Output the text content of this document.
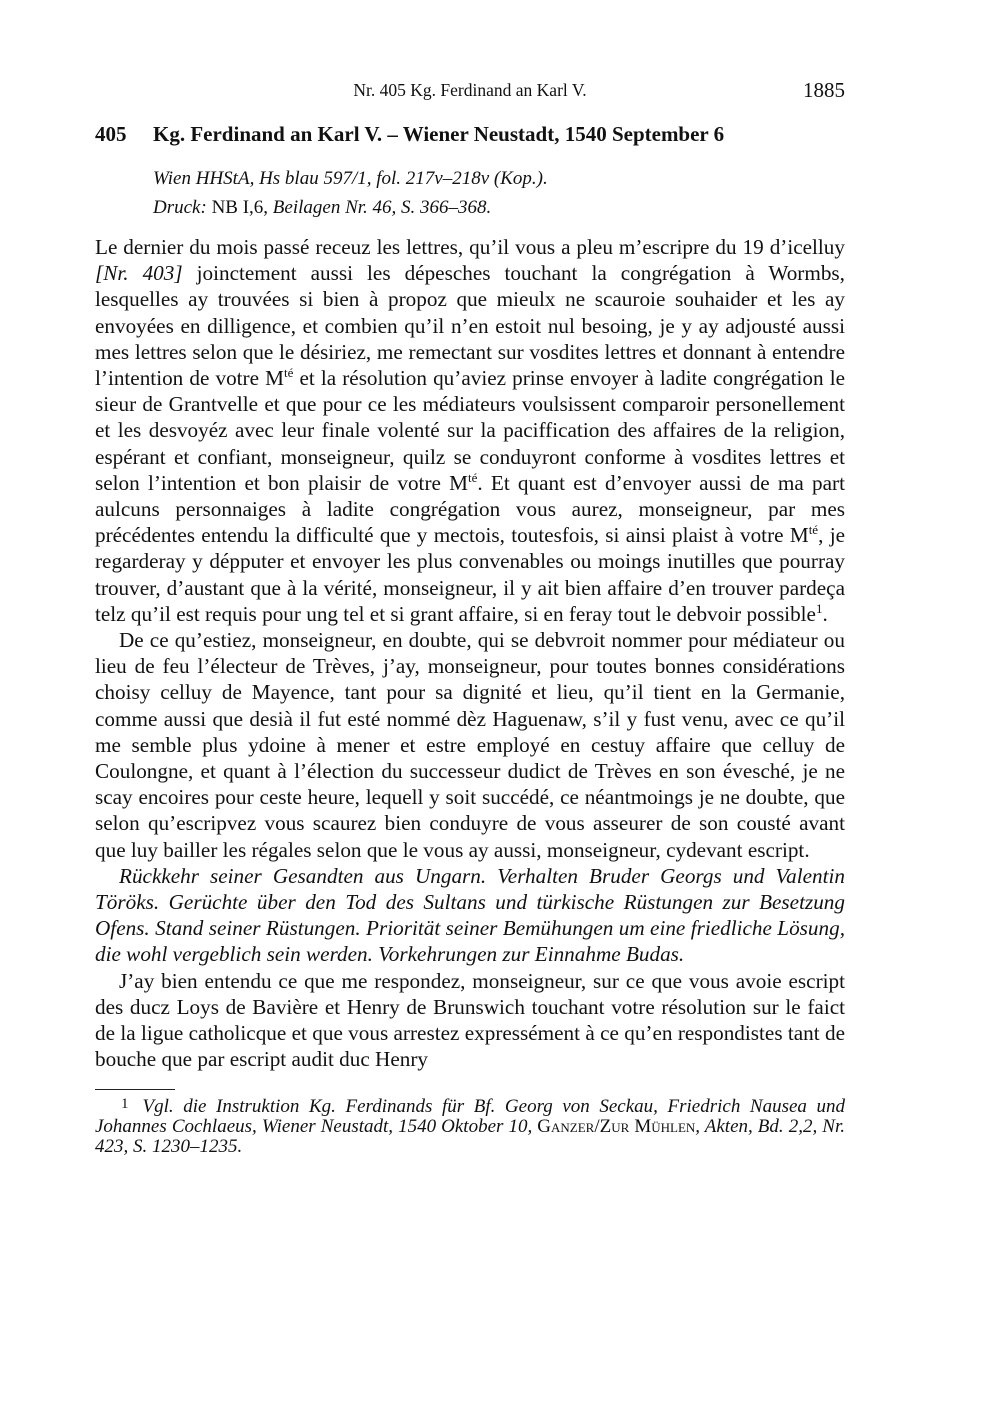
Nr. 405 Kg. Ferdinand an Karl V.	1885
405 Kg. Ferdinand an Karl V. – Wiener Neustadt, 1540 September 6
Wien HHStA, Hs blau 597/1, fol. 217v–218v (Kop.).
Druck: NB I,6, Beilagen Nr. 46, S. 366–368.

Le dernier du mois passé receuz les lettres, qu’il vous a pleu m’escripre du 19 d’icelluy [Nr. 403] joinctement aussi les dépesches touchant la congrégation à Wormbs, lesquelles ay trouvées si bien à propoz que mieulx ne scauroie souhaider et les ay envoyées en dilligence, et combien qu’il n’en estoit nul besoing, je y ay adjousté aussi mes lettres selon que le désiriez, me remectant sur vosdites lettres et donnant à entendre l’intention de votre $M^{té}$ et la résolution qu’aviez prinse envoyer à ladite congrégation le sieur de Grantvelle et que pour ce les médiateurs voulsissent comparoir personellement et les desvoyéz avec leur finale volenté sur la paciffication des affaires de la religion, espérant et confiant, monseigneur, quilz se conduyront conforme à vosdites lettres et selon l’intention et bon plaisir de votre $M^{té}$. Et quant est d’envoyer aussi de ma part aulcuns personnaiges à ladite congrégation vous aurez, monseigneur, par mes précédentes entendu la difficulté que y mectois, toutesfois, si ainsi plaist à votre $M^{té}$, je regarderay y dépputer et envoyer les plus convenables ou moings inutilles que pourray trouver, d’austant que à la vérité, monseigneur, il y ait bien affaire d’en trouver pardeça telz qu’il est requis pour ung tel et si grant affaire, si en feray tout le debvoir possible$^1$.

De ce qu’estiez, monseigneur, en doubte, qui se debvroit nommer pour médiateur ou lieu de feu l’électeur de Trèves, j’ay, monseigneur, pour toutes bonnes considérations choisy celluy de Mayence, tant pour sa dignité et lieu, qu’il tient en la Germanie, comme aussi que desià il fut esté nommé dèz Haguenaw, s’il y fust venu, avec ce qu’il me semble plus ydoine à mener et estre employé en cestuy affaire que celluy de Coulongne, et quant à l’élection du successeur dudict de Trèves en son évesché, je ne scay encoires pour ceste heure, lequell y soit succédé, ce néantmoings je ne doubte, que selon qu’escripvez vous scaurez bien conduyre de vous asseurer de son cousté avant que luy bailler les régales selon que le vous ay aussi, monseigneur, cydevant escript.

Rückkehr seiner Gesandten aus Ungarn. Verhalten Bruder Georgs und Valentin Töröks. Gerüchte über den Tod des Sultans und türkische Rüstungen zur Besetzung Ofens. Stand seiner Rüstungen. Priorität seiner Bemühungen um eine friedliche Lösung, die wohl vergeblich sein werden. Vorkehrungen zur Einnahme Budas.

J’ay bien entendu ce que me respondez, monseigneur, sur ce que vous avoie escript des ducz Loys de Bavière et Henry de Brunswich touchant votre résolution sur le faict de la ligue catholicque et que vous arrestez expressément à ce qu’en respondistes tant de bouche que par escript audit duc Henry

1 Vgl. die Instruktion Kg. Ferdinands für Bf. Georg von Seckau, Friedrich Nausea und Johannes Cochlaeus, Wiener Neustadt, 1540 Oktober 10, Ganzer/Zur Mühlen, Akten, Bd. 2,2, Nr. 423, S. 1230–1235.
